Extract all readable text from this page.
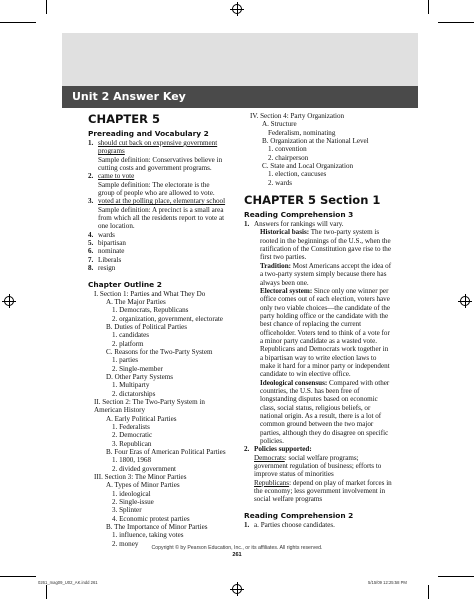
Unit 2 Answer Key
CHAPTER 5
Prereading and Vocabulary 2
1. should cut back on expensive government programs
Sample definition: Conservatives believe in cutting costs and government programs.
2. came to vote
Sample definition: The electorate is the group of people who are allowed to vote.
3. voted at the polling place, elementary school
Sample definition: A precinct is a small area from which all the residents report to vote at one location.
4. wards
5. bipartisan
6. nominate
7. Liberals
8. resign
Chapter Outline 2
I. Section 1: Parties and What They Do
A. The Major Parties
1. Democrats, Republicans
2. organization, government, electorate
B. Duties of Political Parties
1. candidates
2. platform
C. Reasons for the Two-Party System
1. parties
2. Single-member
D. Other Party Systems
1. Multiparty
2. dictatorships
II. Section 2: The Two-Party System in American History
A. Early Political Parties
1. Federalists
2. Democratic
3. Republican
B. Four Eras of American Political Parties
1. 1800, 1968
2. divided government
III. Section 3: The Minor Parties
A. Types of Minor Parties
1. ideological
2. Single-issue
3. Splinter
4. Economic protest parties
B. The Importance of Minor Parties
1. influence, taking votes
2. money
IV. Section 4: Party Organization
A. Structure
Federalism, nominating
B. Organization at the National Level
1. convention
2. chairperson
C. State and Local Organization
1. election, caucuses
2. wards
CHAPTER 5 Section 1
Reading Comprehension 3
1. Answers for rankings will vary.
Historical basis: The two-party system is rooted in the beginnings of the U.S., when the ratification of the Constitution gave rise to the first two parties.
Tradition: Most Americans accept the idea of a two-party system simply because there has always been one.
Electoral system: Since only one winner per office comes out of each election, voters have only two viable choices—the candidate of the party holding office or the candidate with the best chance of replacing the current officeholder. Voters tend to think of a vote for a minor party candidate as a wasted vote. Republicans and Democrats work together in a bipartisan way to write election laws to make it hard for a minor party or independent candidate to win elective office.
Ideological consensus: Compared with other countries, the U.S. has been free of longstanding disputes based on economic class, social status, religious beliefs, or national origin. As a result, there is a lot of common ground between the two major parties, although they do disagree on specific policies.
2. Policies supported:
Democrats: social welfare programs; government regulation of business; efforts to improve status of minorities
Republicans: depend on play of market forces in the economy; less government involvement in social welfare programs
Reading Comprehension 2
1. a. Parties choose candidates.
Copyright © by Pearson Education, Inc., or its affiliates. All rights reserved.
261
0261_mag09_U02_AK.indd 261	5/15/09 12:25:58 PM
